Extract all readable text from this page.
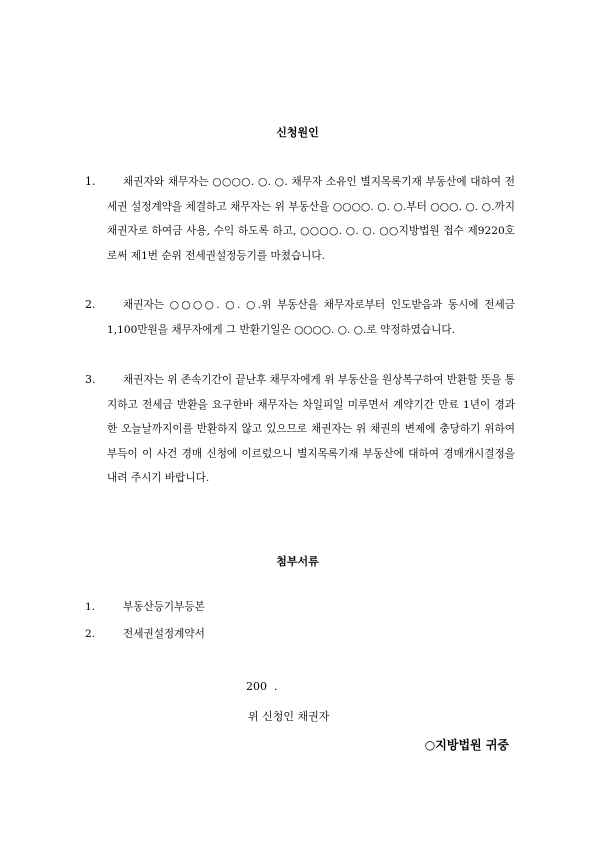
신청원인
1.	채권자와 채무자는 ○○○○. ○. ○. 채무자 소유인 별지목록기재 부동산에 대하여 전세권 설정계약을 체결하고 채무자는 위 부동산을 ○○○○. ○. ○.부터 ○○○. ○. ○.까지 채권자로 하여금 사용, 수익 하도록 하고, ○○○○. ○. ○. ○○지방법원 접수 제9220호로써 제1번 순위 전세권설정등기를 마쳤습니다.

2.	채권자는 ○○○○. ○. ○.위 부동산을 채무자로부터 인도받음과 동시에 전세금 1,100만원을 채무자에게 그 반환기일은 ○○○○. ○. ○.로 약정하였습니다.

3.	채권자는 위 존속기간이 끝난후 채무자에게 위 부동산을 원상복구하여 반환할 뜻을 통지하고 전세금 반환을 요구한바 채무자는 차일피일 미루면서 계약기간 만료 1년이 경과한 오늘날까지이를 반환하지 않고 있으므로 채권자는 위 채권의 변제에 충당하기 위하여 부득이 이 사건 경매 신청에 이르렀으니 별지목록기재 부동산에 대하여 경매개시결정을 내려 주시기 바랍니다.

첨부서류
1.	부동산등기부등본
2.	전세권설정계약서
200  .
위 신청인 채권자
○지방법원 귀중
